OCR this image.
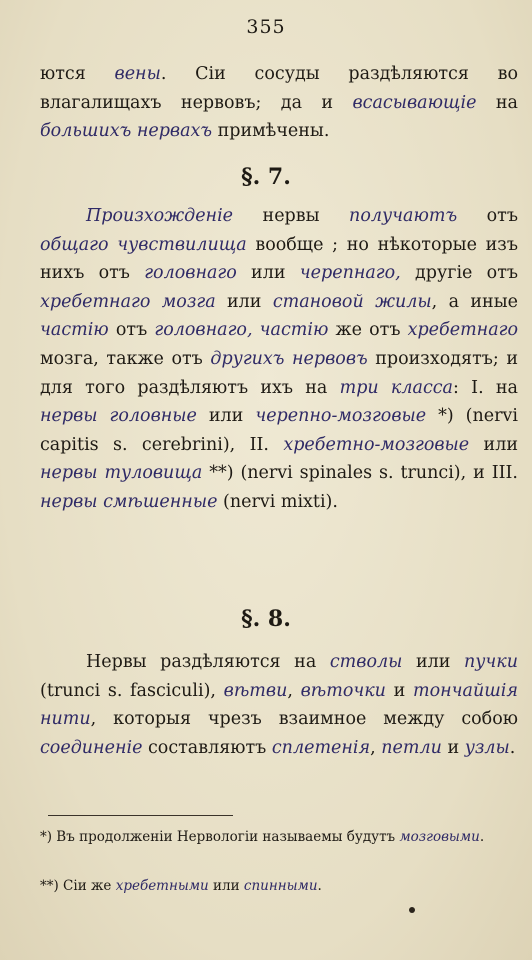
355
ются вены. Сіи сосуды раздѣляются во влагалищахъ нервовъ; да и всасывающіе на большихъ нервахъ примѣчены.
§. 7.
Произхожденіе нервы получаютъ отъ общаго чувствилища вообще ; но нѣкоторые изъ нихъ отъ головнаго или черепнаго, другіе отъ хребетнаго мозга или становой жилы, а иные частію отъ головнаго, частію же отъ хребетнаго мозга, также отъ другихъ нервовъ произходятъ; и для того раздѣляютъ ихъ на три класса: I. на нервы головные или черепно-мозговые *) (nervi capitis s. cerebrini), II. хребетно-мозговые или нервы туловища **) (nervi spinales s. trunci), и III. нервы смѣшенные (nervi mixti).
§. 8.
Нервы раздѣляются на стволы или пучки (trunci s. fasciculi), вѣтви, вѣточки и тончайшія нити, которыя чрезъ взаимное между собою соединеніе составляютъ сплетенія, петли и узлы.
*) Въ продолженіи Нервологіи называемы будутъ мозговыми.
**) Сіи же хребетными или спинными.
